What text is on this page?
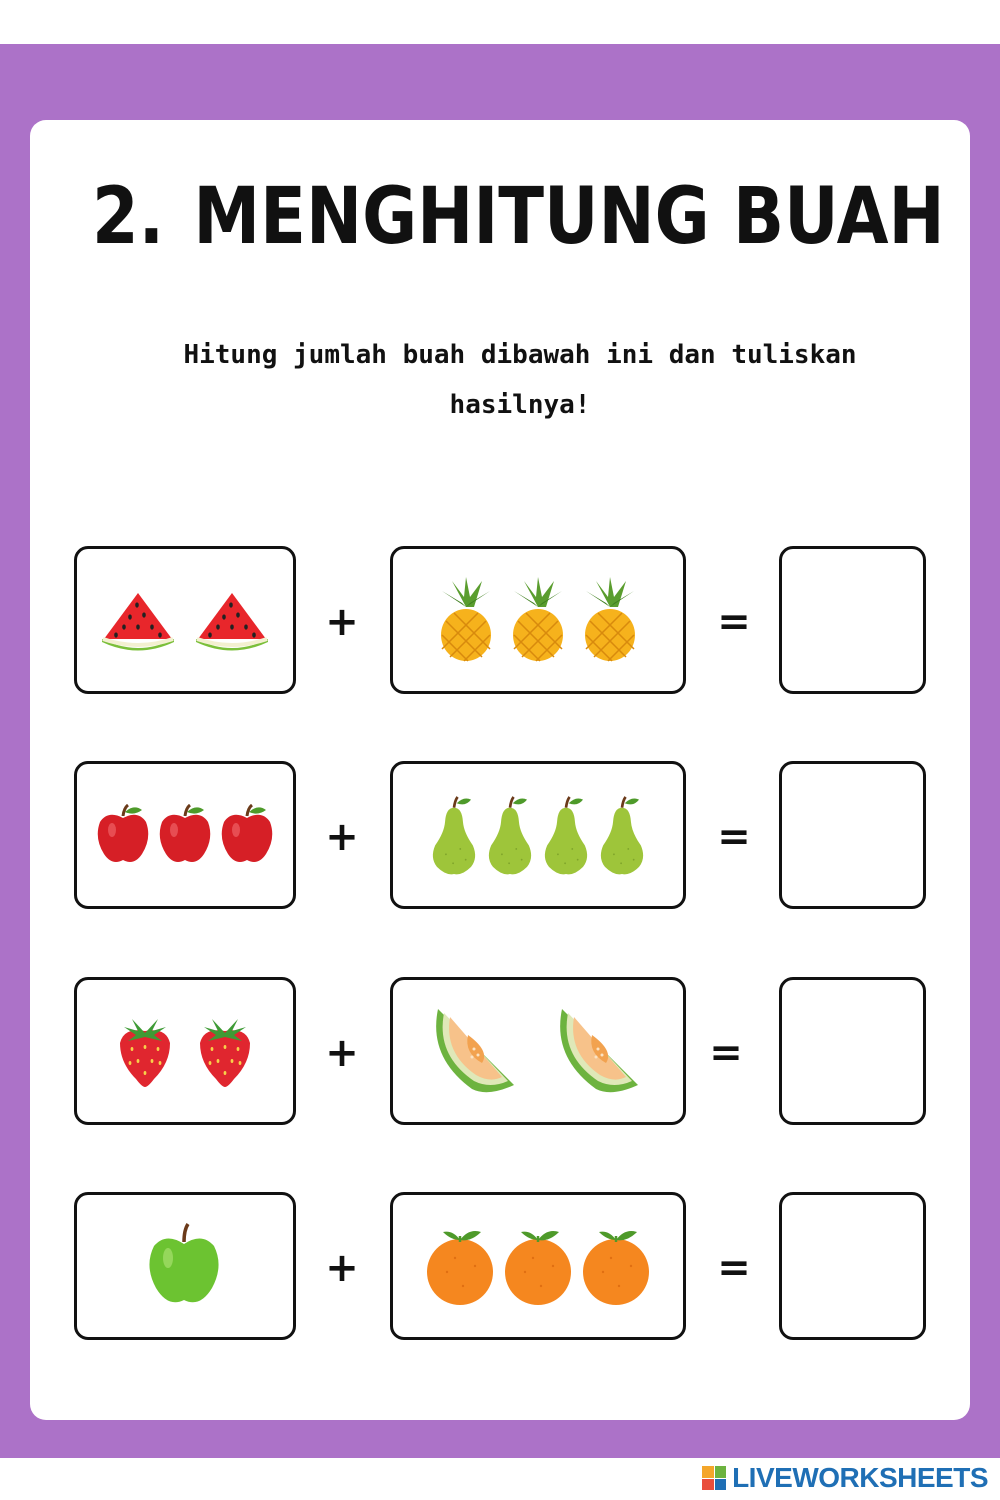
2. MENGHITUNG BUAH
Hitung jumlah buah dibawah ini dan tuliskan
hasilnya!
+	=
+	=
+	=
+	=
LIVEWORKSHEETS
